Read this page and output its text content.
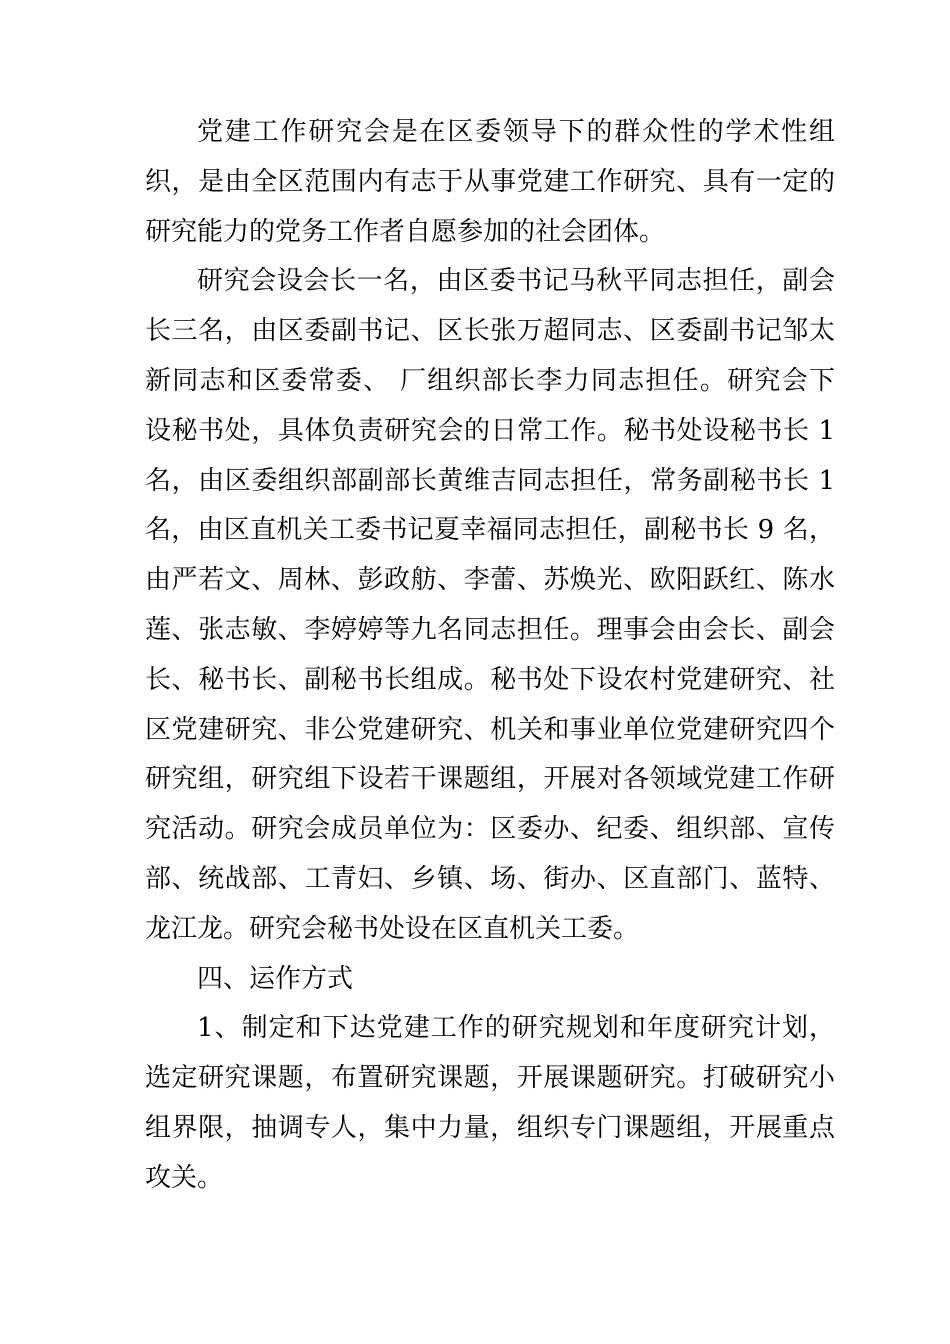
党建工作研究会是在区委领导下的群众性的学术性组
织，是由全区范围内有志于从事党建工作研究、具有一定的
研究能力的党务工作者自愿参加的社会团体。
研究会设会长一名，由区委书记马秋平同志担任，副会
长三名，由区委副书记、区长张万超同志、区委副书记邹太
新同志和区委常委、 厂组织部长李力同志担任。研究会下
设秘书处，具体负责研究会的日常工作。秘书处设秘书长 1
名，由区委组织部副部长黄维吉同志担任，常务副秘书长 1
名，由区直机关工委书记夏幸福同志担任，副秘书长 9 名，
由严若文、周林、彭政舫、李蕾、苏焕光、欧阳跃红、陈水
莲、张志敏、李婷婷等九名同志担任。理事会由会长、副会
长、秘书长、副秘书长组成。秘书处下设农村党建研究、社
区党建研究、非公党建研究、机关和事业单位党建研究四个
研究组，研究组下设若干课题组，开展对各领域党建工作研
究活动。研究会成员单位为：区委办、纪委、组织部、宣传
部、统战部、工青妇、乡镇、场、街办、区直部门、蓝特、
龙江龙。研究会秘书处设在区直机关工委。
四、运作方式
1、制定和下达党建工作的研究规划和年度研究计划，
选定研究课题，布置研究课题，开展课题研究。打破研究小
组界限，抽调专人，集中力量，组织专门课题组，开展重点
攻关。
